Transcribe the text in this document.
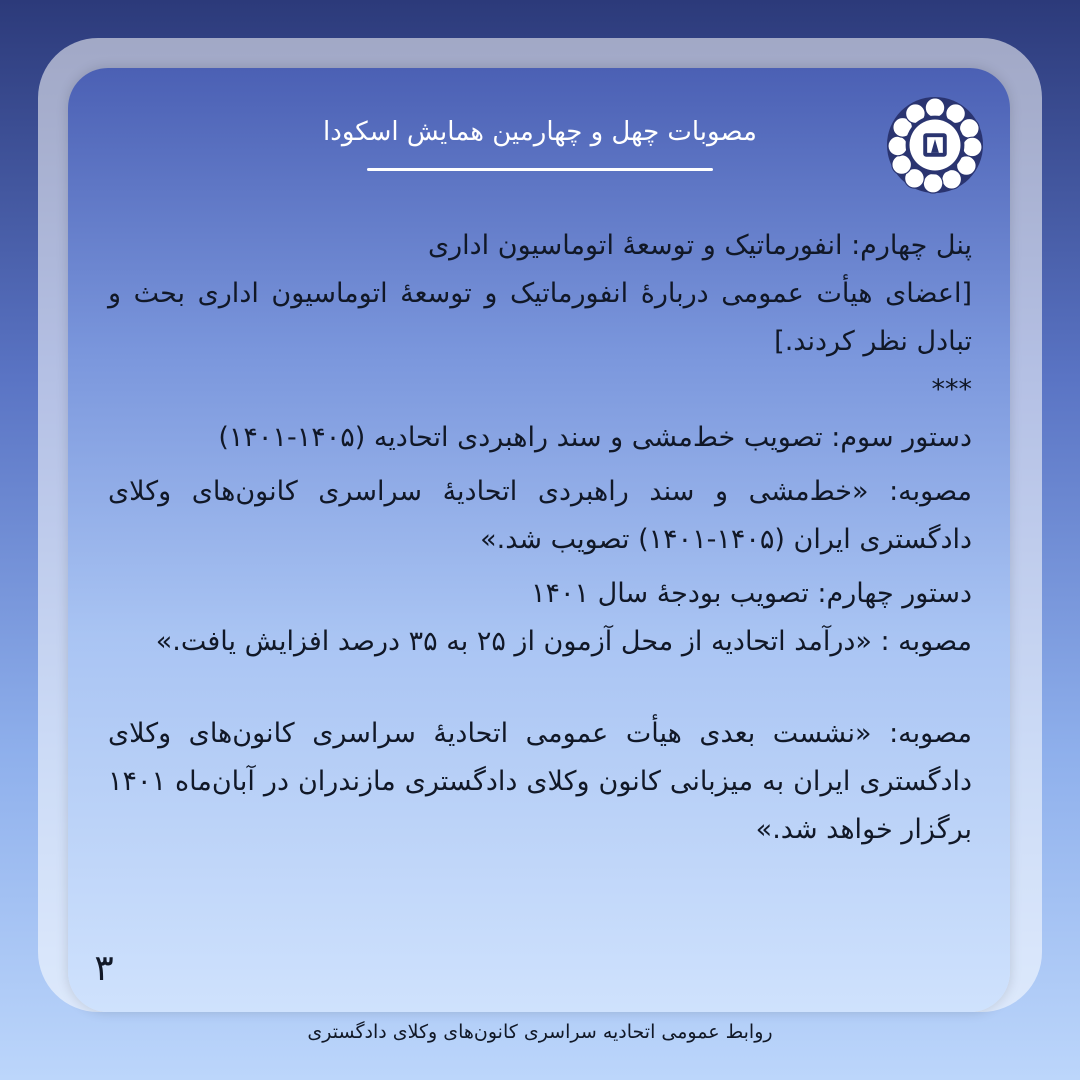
مصوبات چهل و چهارمین همایش اسکودا

پنل چهارم: انفورماتیک و توسعۀ اتوماسیون اداری

[اعضای هیأت عمومی دربارۀ انفورماتیک و توسعۀ اتوماسیون اداری بحث و تبادل نظر کردند.]

***

دستور سوم: تصویب خط‌مشی و سند راهبردی اتحادیه (۱۴۰۵-۱۴۰۱)

مصوبه: «خط‌مشی و سند راهبردی اتحادیۀ سراسری کانون‌های وکلای دادگستری ایران (۱۴۰۵-۱۴۰۱) تصویب شد.»

دستور چهارم: تصویب بودجۀ سال ۱۴۰۱

مصوبه : «درآمد اتحادیه از محل آزمون از ۲۵ به ۳۵ درصد افزایش یافت.»

مصوبه: «نشست بعدی هیأت عمومی اتحادیۀ سراسری کانون‌های وکلای دادگستری ایران به میزبانی کانون وکلای دادگستری مازندران در آبان‌ماه ۱۴۰۱ برگزار خواهد شد.»

۳
روابط عمومی اتحادیه سراسری کانون‌های وکلای دادگستری
